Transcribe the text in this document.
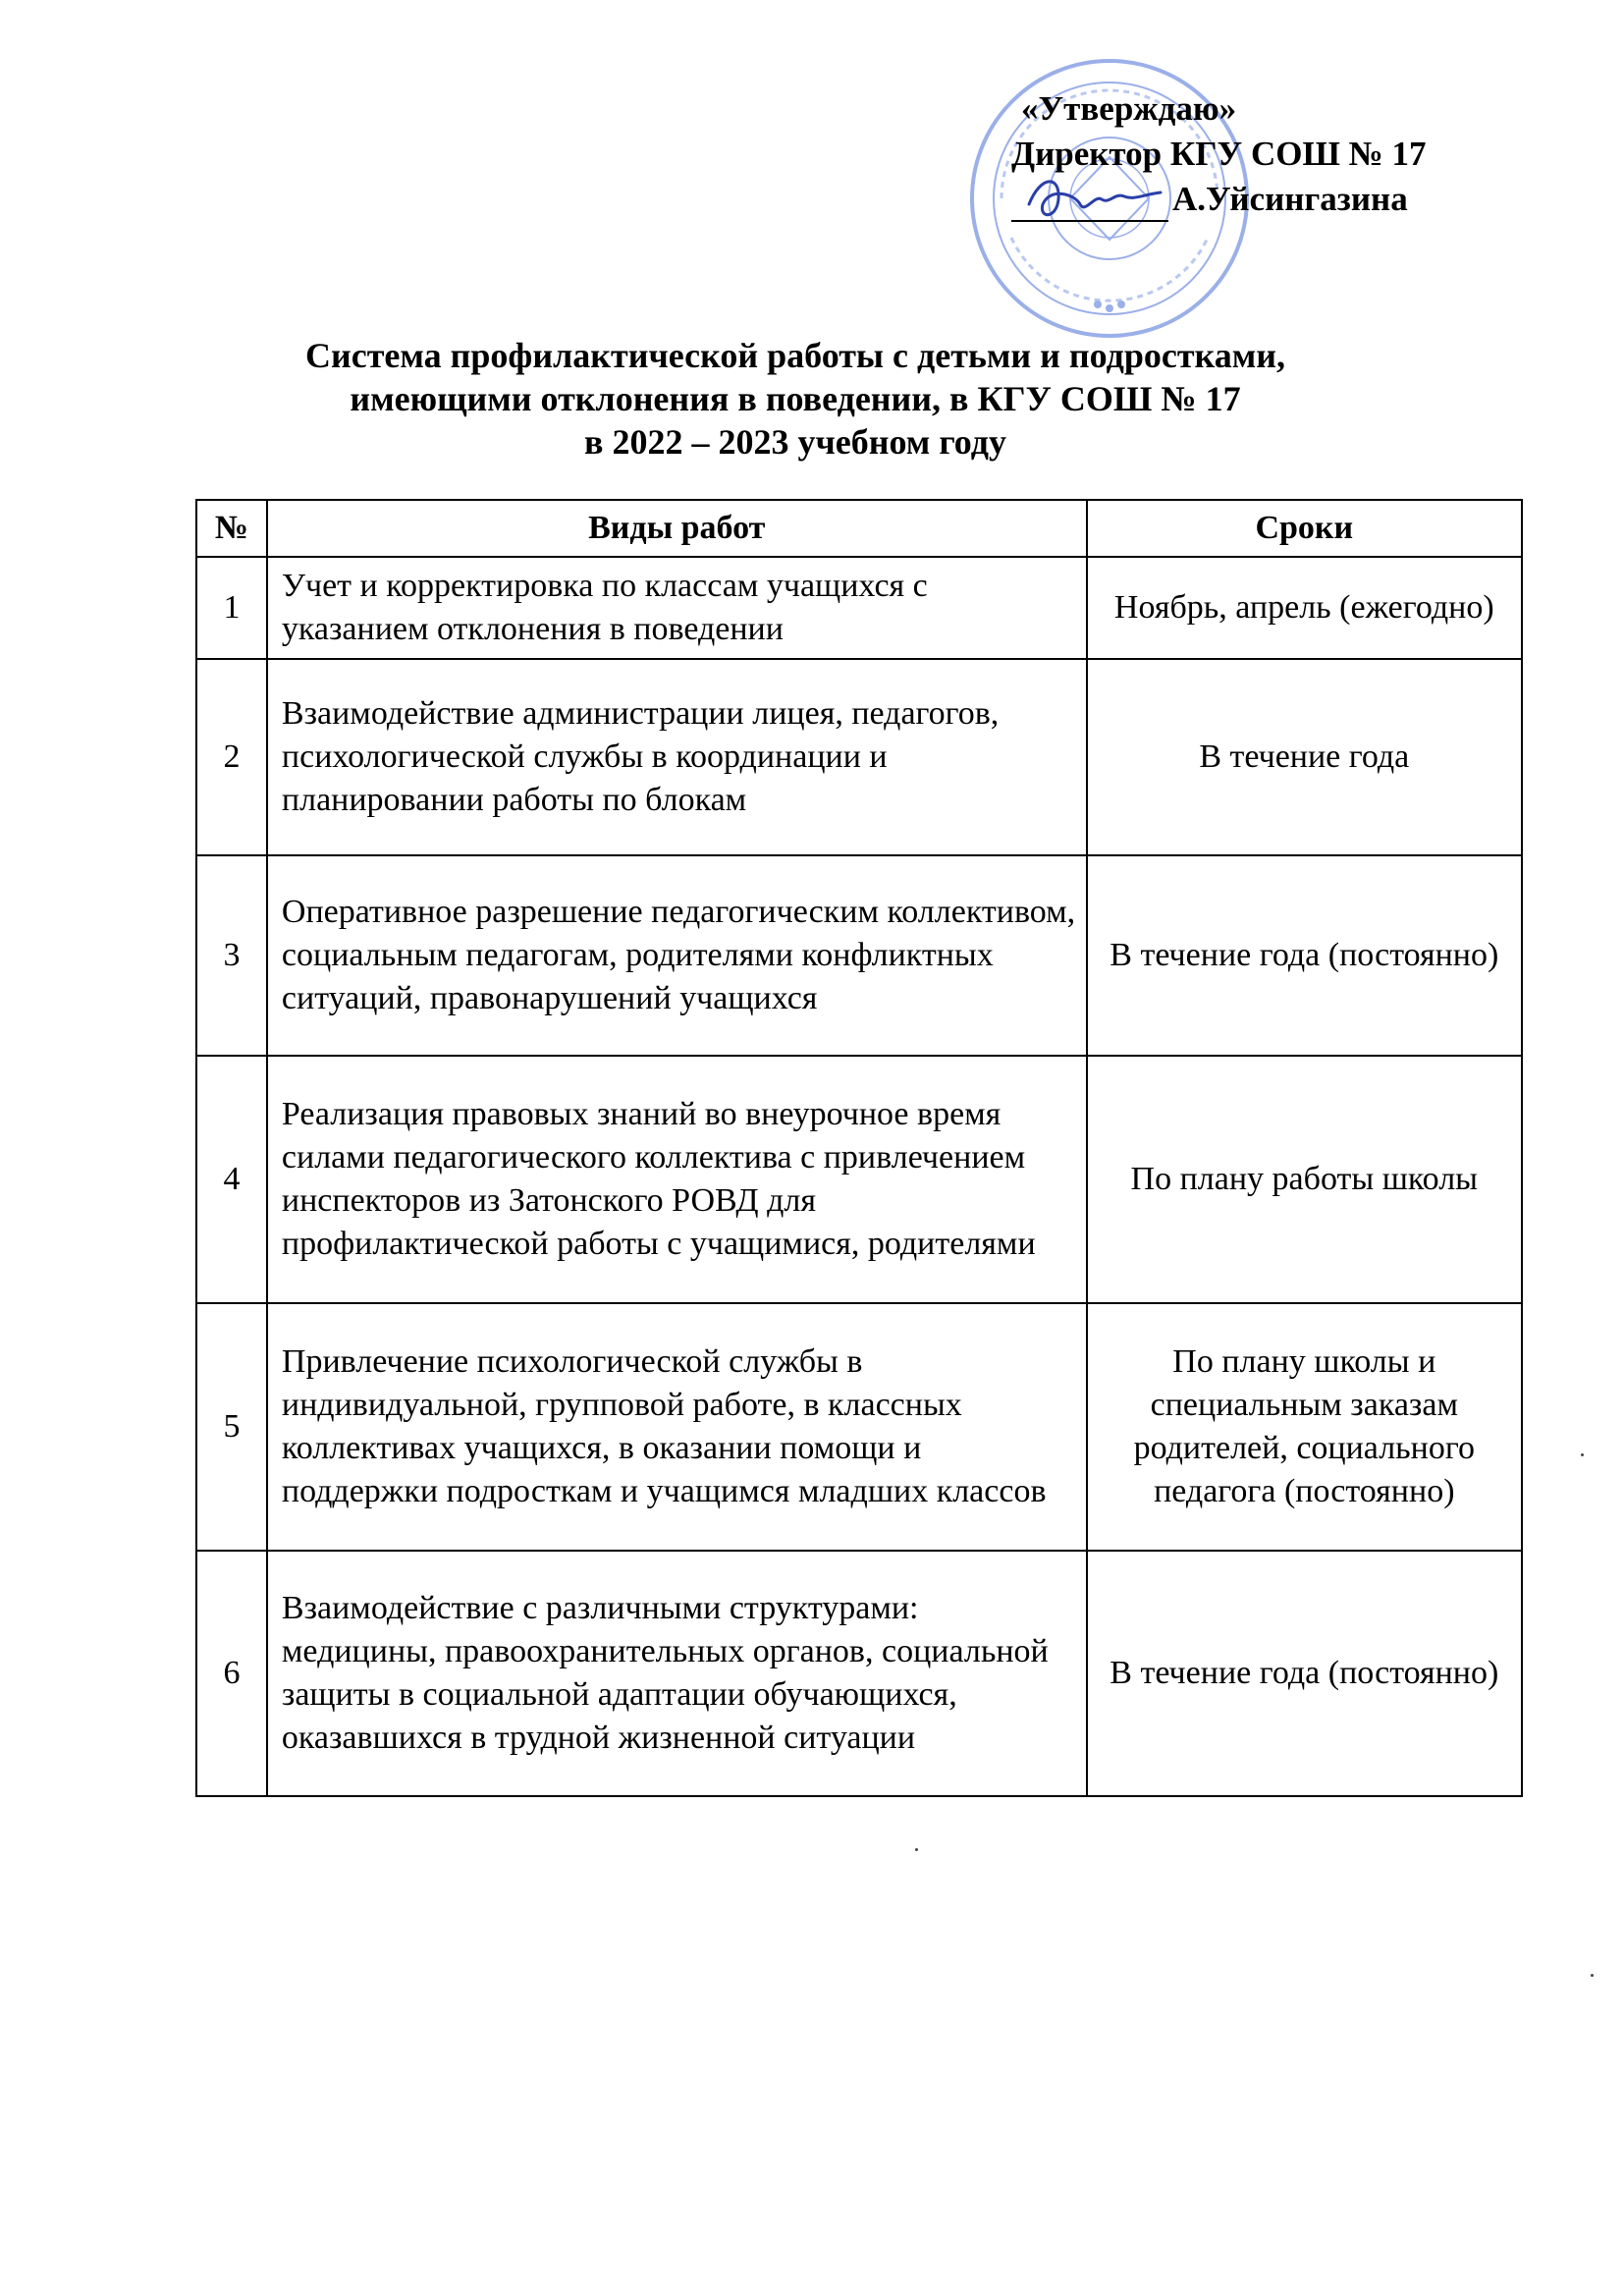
«Утверждаю»
Директор КГУ СОШ № 17
А.Уйсингазина
Система профилактической работы с детьми и подростками,
имеющими отклонения в поведении, в КГУ СОШ № 17
в 2022 – 2023 учебном году
№	Виды работ	Сроки
1	Учет и корректировка по классам учащихся с указанием отклонения в поведении	Ноябрь, апрель (ежегодно)
2	Взаимодействие администрации лицея, педагогов, психологической службы в координации и планировании работы по блокам	В течение года
3	Оперативное разрешение педагогическим коллективом, социальным педагогам, родителями конфликтных ситуаций, правонарушений учащихся	В течение года (постоянно)
4	Реализация правовых знаний во внеурочное время силами педагогического коллектива с привлечением инспекторов из Затонского РОВД для профилактической работы с учащимися, родителями	По плану работы школы
5	Привлечение психологической службы в индивидуальной, групповой работе, в классных коллективах учащихся, в оказании помощи и поддержки подросткам и учащимся младших классов	По плану школы и специальным заказам родителей, социального педагога (постоянно)
6	Взаимодействие с различными структурами: медицины, правоохранительных органов, социальной защиты в социальной адаптации обучающихся, оказавшихся в трудной жизненной ситуации	В течение года (постоянно)
